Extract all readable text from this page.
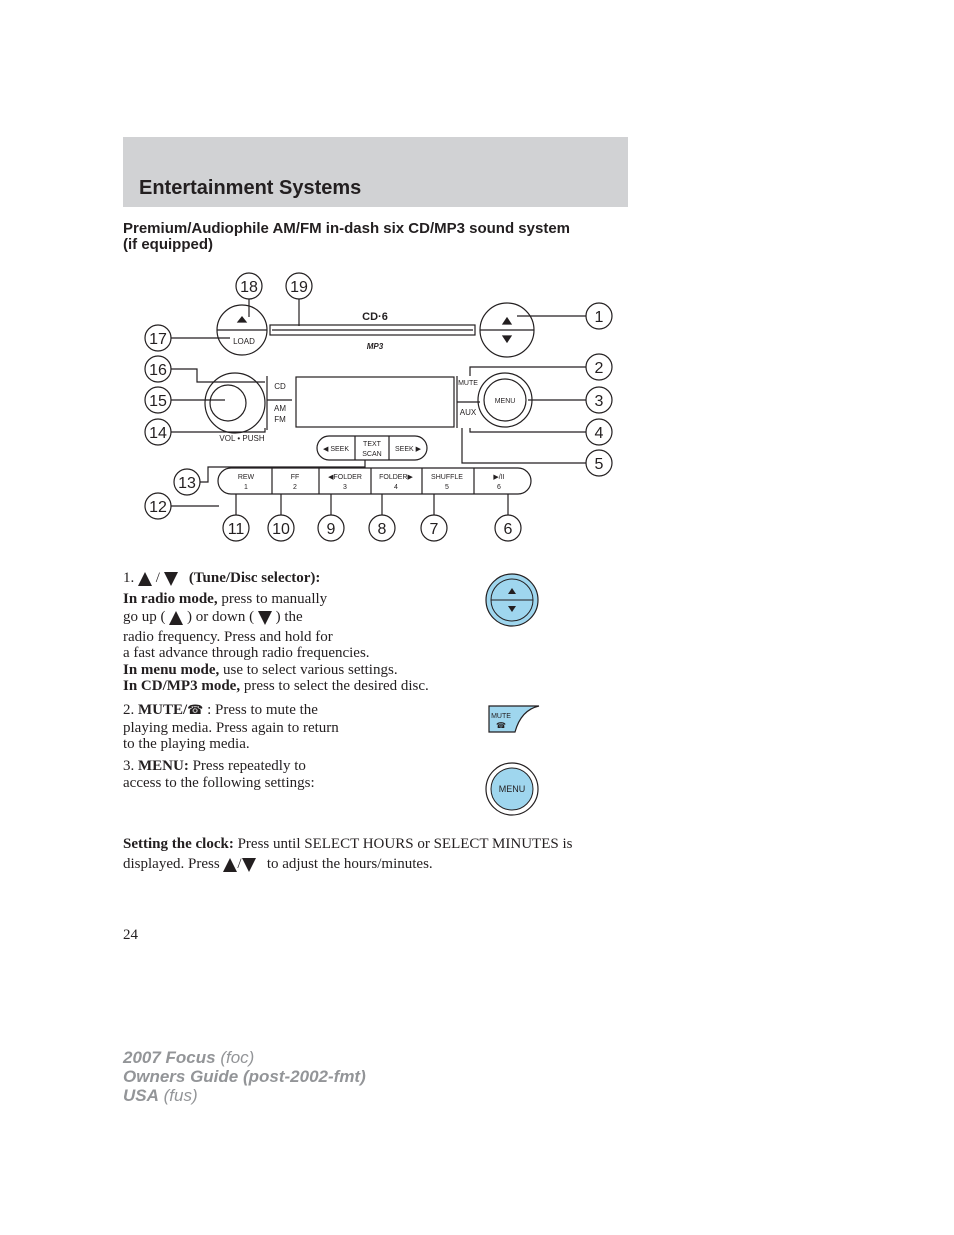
Entertainment Systems
Premium/Audiophile AM/FM in-dash six CD/MP3 sound system
(if equipped)
18 19
1
17
16	2
15	3
14	4
5
13
12
11 10 9	8	7	6
CD·6
MP3
LOAD
CD
AM
FM
VOL • PUSH
MUTE
AUX
MENU
◀ SEEK
TEXT
SCAN
SEEK ▶
REW
1
FF
2
◀FOLDER
3
FOLDER▶
4
SHUFFLE
5
▶/II
6
1. / (Tune/Disc selector):
In radio mode, press to manually
go up ( ) or down ( ) the
radio frequency. Press and hold for
a fast advance through radio frequencies.
In menu mode, use to select various settings.
In CD/MP3 mode, press to select the desired disc.
2. MUTE/☎ : Press to mute the
playing media. Press again to return
to the playing media.
MUTE
☎
3. MENU: Press repeatedly to
access to the following settings:	MENU
Setting the clock: Press until SELECT HOURS or SELECT MINUTES is
displayed. Press / to adjust the hours/minutes.
24
2007 Focus (foc)
Owners Guide (post-2002-fmt)
USA (fus)
